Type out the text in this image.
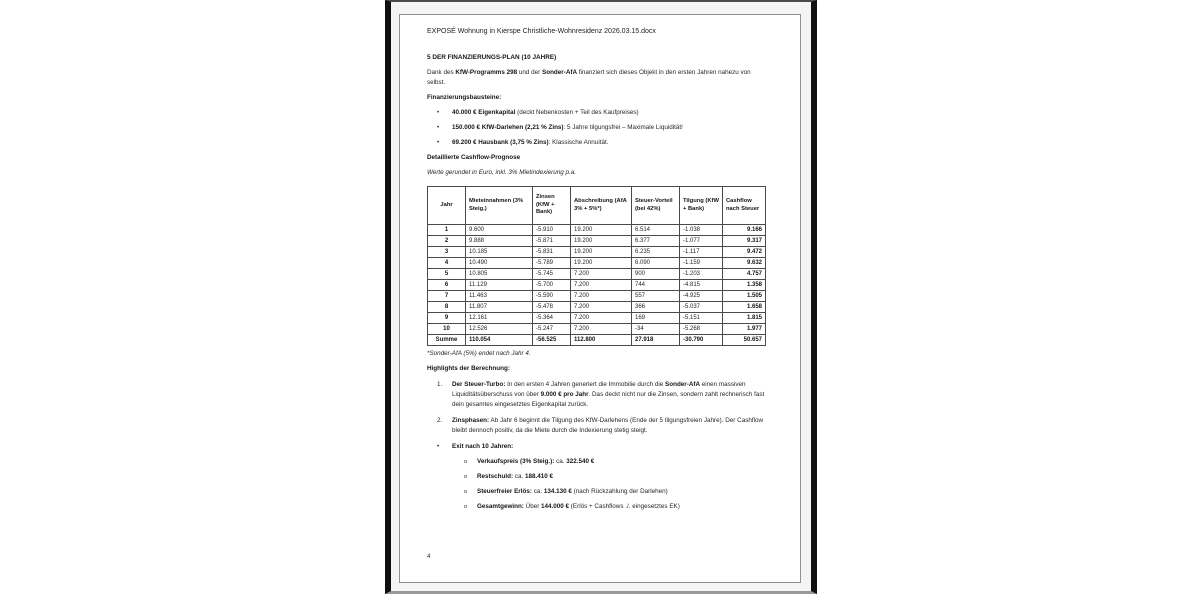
EXPOSÉ Wohnung in Kierspe Christliche-Wohnresidenz 2026.03.15.docx

5 DER FINANZIERUNGS-PLAN (10 JAHRE)
Dank des KfW-Programms 298 und der Sonder-AfA finanziert sich dieses Objekt in den ersten Jahren nahezu von selbst.
Finanzierungsbausteine:
•	40.000 € Eigenkapital (deckt Nebenkosten + Teil des Kaufpreises)
•	150.000 € KfW-Darlehen (2,21 % Zins): 5 Jahre tilgungsfrei – Maximale Liquidität!
•	69.200 € Hausbank (3,75 % Zins): Klassische Annuität.
Detaillierte Cashflow-Prognose
Werte gerundet in Euro, inkl. 3% Mietindexierung p.a.
Jahr	Mieteinnahmen (3% Steig.)	Zinsen (KfW + Bank)	Abschreibung (AfA 3% + 5%*)	Steuer-Vorteil (bei 42%)	Tilgung (KfW + Bank)	Cashflow nach Steuer
1	9.600	-5.910	19.200	6.514	-1.038	9.166
2	9.888	-5.871	19.200	6.377	-1.077	9.317
3	10.185	-5.831	19.200	6.235	-1.117	9.472
4	10.490	-5.789	19.200	6.090	-1.159	9.632
5	10.805	-5.745	7.200	900	-1.203	4.757
6	11.129	-5.700	7.200	744	-4.815	1.358
7	11.463	-5.590	7.200	557	-4.925	1.505
8	11.807	-5.478	7.200	366	-5.037	1.658
9	12.161	-5.364	7.200	169	-5.151	1.815
10	12.526	-5.247	7.200	-34	-5.268	1.977
Summe	110.054	-56.525	112.800	27.918	-30.790	50.657
*Sonder-AfA (5%) endet nach Jahr 4.
Highlights der Berechnung:
1.	Der Steuer-Turbo: In den ersten 4 Jahren generiert die Immobilie durch die Sonder-AfA einen massiven Liquiditätsüberschuss von über 9.000 € pro Jahr. Das deckt nicht nur die Zinsen, sondern zahlt rechnerisch fast dein gesamtes eingesetztes Eigenkapital zurück.
2.	Zinsphasen: Ab Jahr 6 beginnt die Tilgung des KfW-Darlehens (Ende der 5 tilgungsfreien Jahre). Der Cashflow bleibt dennoch positiv, da die Miete durch die Indexierung stetig steigt.
•	Exit nach 10 Jahren:
o	Verkaufspreis (3% Steig.): ca. 322.540 €
o	Restschuld: ca. 188.410 €
o	Steuerfreier Erlös: ca. 134.130 € (nach Rückzahlung der Darlehen)
o	Gesamtgewinn: Über 144.000 € (Erlös + Cashflows ./. eingesetztes EK)
4
